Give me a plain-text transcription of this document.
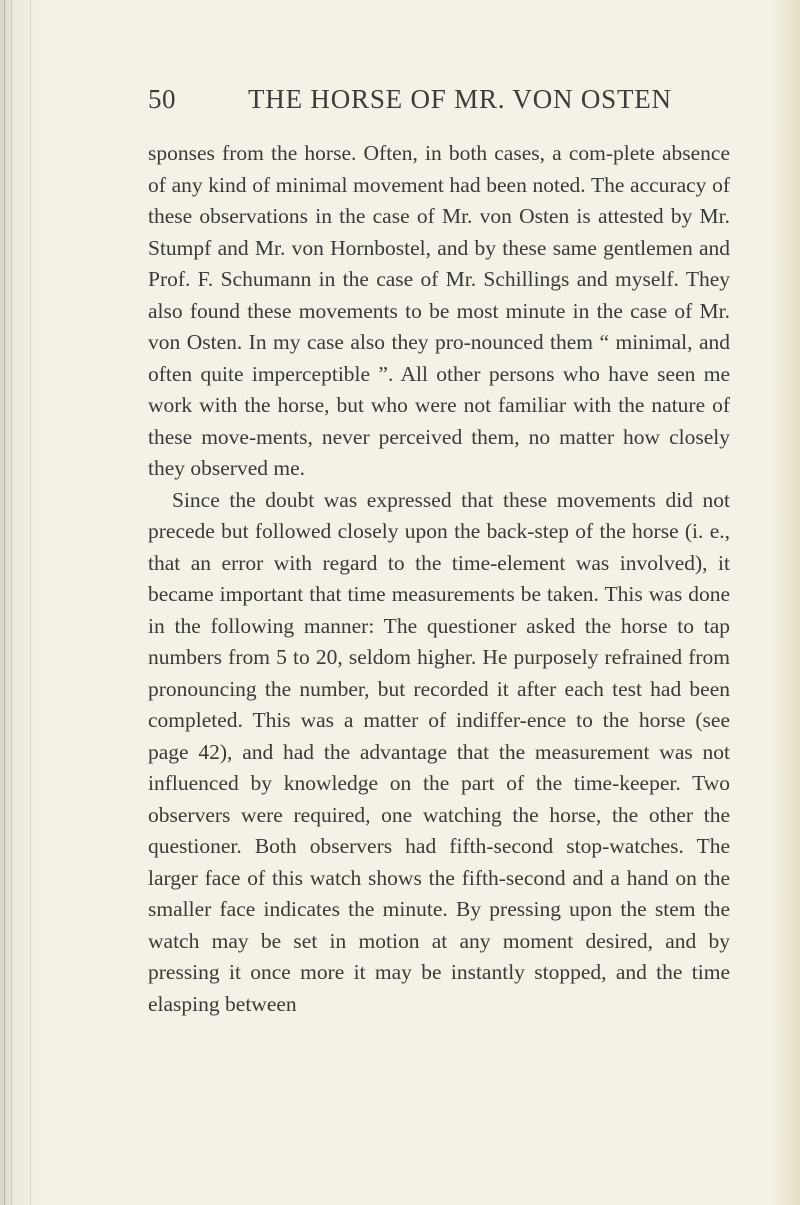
50	THE HORSE OF MR. VON OSTEN

sponses from the horse. Often, in both cases, a com-plete absence of any kind of minimal movement had been noted. The accuracy of these observations in the case of Mr. von Osten is attested by Mr. Stumpf and Mr. von Hornbostel, and by these same gentlemen and Prof. F. Schumann in the case of Mr. Schillings and myself. They also found these movements to be most minute in the case of Mr. von Osten. In my case also they pro-nounced them “ minimal, and often quite imperceptible ”. All other persons who have seen me work with the horse, but who were not familiar with the nature of these move-ments, never perceived them, no matter how closely they observed me.

Since the doubt was expressed that these movements did not precede but followed closely upon the back-step of the horse (i. e., that an error with regard to the time-element was involved), it became important that time measurements be taken. This was done in the following manner: The questioner asked the horse to tap numbers from 5 to 20, seldom higher. He purposely refrained from pronouncing the number, but recorded it after each test had been completed. This was a matter of indiffer-ence to the horse (see page 42), and had the advantage that the measurement was not influenced by knowledge on the part of the time-keeper. Two observers were required, one watching the horse, the other the questioner. Both observers had fifth-second stop-watches. The larger face of this watch shows the fifth-second and a hand on the smaller face indicates the minute. By pressing upon the stem the watch may be set in motion at any moment desired, and by pressing it once more it may be instantly stopped, and the time elasping between
